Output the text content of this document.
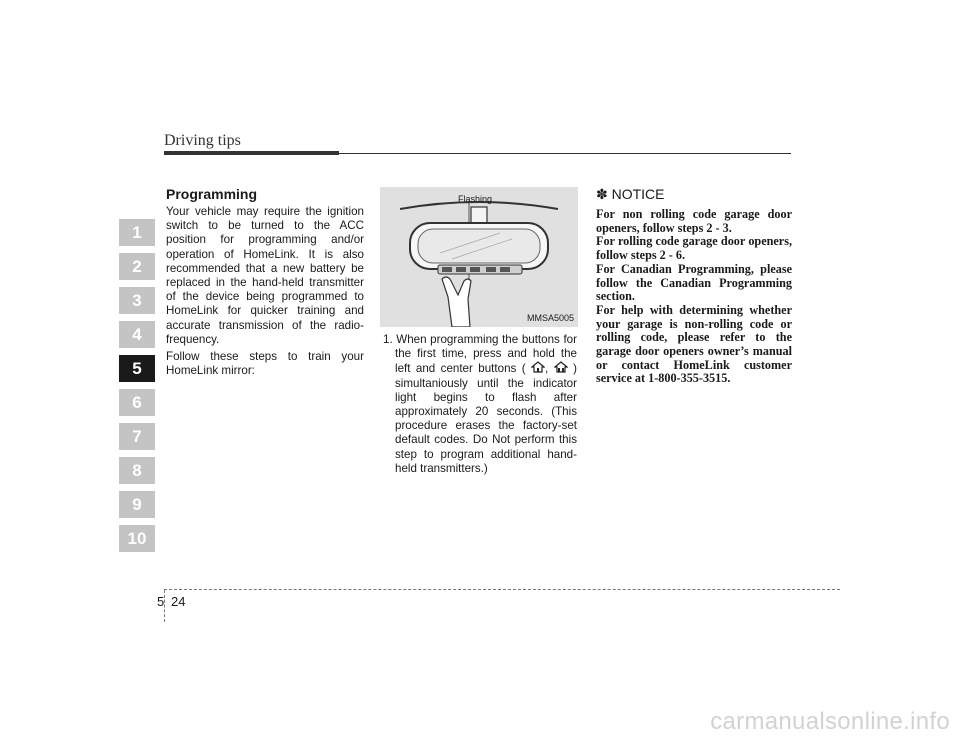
Driving tips
1
2
3
4
5
6
7
8
9
10
Programming

Your vehicle may require the ignition switch to be turned to the ACC position for programming and/or operation of HomeLink. It is also recommended that a new battery be replaced in the hand-held transmitter of the device being programmed to HomeLink for quicker training and accurate transmission of the radio-frequency.

Follow these steps to train your HomeLink mirror:

Flashing
MMSA5005

1. When programming the buttons for the first time, press and hold the left and center buttons ( , ) simultaniously until the indicator light begins to flash after approximately 20 seconds. (This procedure erases the factory-set default codes. Do Not perform this step to program additional hand-held transmitters.)

✽ NOTICE

For non rolling code garage door openers, follow steps 2 - 3.

For rolling code garage door openers, follow steps 2 - 6.

For Canadian Programming, please follow the Canadian Programming section.

For help with determining whether your garage is non-rolling code or rolling code, please refer to the garage door openers owner’s manual or contact HomeLink customer service at 1-800-355-3515.

5 24
carmanualsonline.info
